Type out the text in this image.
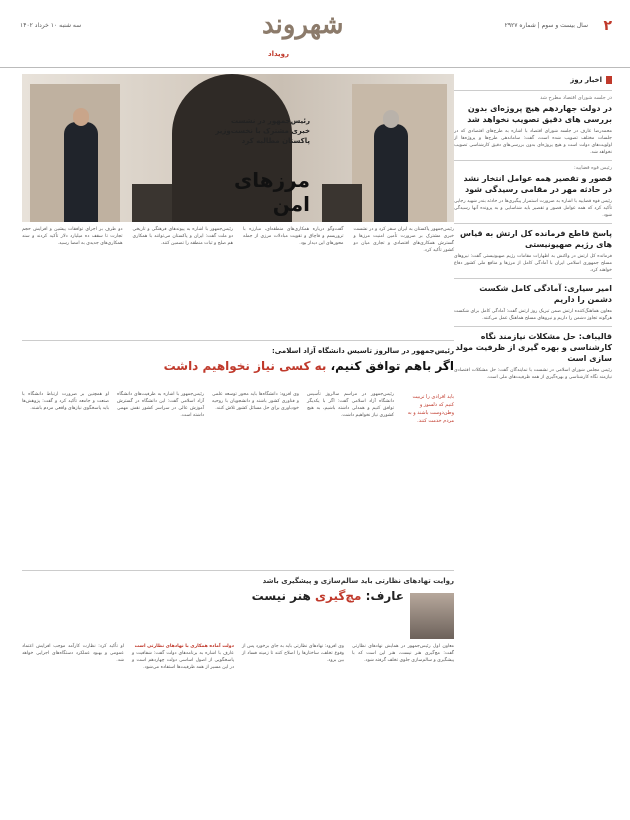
۲
سال بیست و سوم | شماره ۲۹۲۷
سه شنبه ۱۰ خرداد ۱۴۰۲	شهروند
رویداد
اخبار روز
در جلسه شورای اقتصاد مطرح شد
در دولت جهاردهم هیچ پروژه‌ای بدون بررسی های دقیق تصویب نخواهد شد
محمدرضا عارف در جلسه شورای اقتصاد با اشاره به طرح‌های اقتصادی که در جلسات مختلف تصویب شده است، گفت: ساماندهی طرح‌ها و پروژه‌ها از اولویت‌های دولت است و هیچ پروژه‌ای بدون بررسی‌های دقیق کارشناسی تصویب نخواهد شد.
رئیس قوه قضاییه:
قصور و تقصیر همه عوامل انتخار نشد در حادثه مهر در مقامی رسیدگی شود
رئیس قوه قضاییه با اشاره به ضرورت استمرار پیگیری‌ها در حادثه بندر شهید رجایی تأکید کرد که همه عوامل قصور و تقصیر باید شناسایی و به پرونده آنها رسیدگی شود.
پاسخ قاطع فرمانده کل ارتش به قیاس های رژیم صهیونیستی
فرمانده کل ارتش در واکنش به اظهارات مقامات رژیم صهیونیستی گفت: نیروهای مسلح جمهوری اسلامی ایران با آمادگی کامل از مرزها و منافع ملی کشور دفاع خواهند کرد.
امیر سیاری: آمادگی کامل شکست دشمن را داریم
معاون هماهنگ‌کننده ارتش ضمن تبریک روز ارتش گفت: آمادگی کامل برای شکست هرگونه تجاوز دشمن را داریم و نیروهای مسلح هماهنگ عمل می‌کنند.
قالیباف: حل مشکلات نیازمند نگاه کارشناسی و بهره گیری از ظرفیت مولد سازی است
رئیس مجلس شورای اسلامی در نشست با نمایندگان گفت: حل مشکلات اقتصادی نیازمند نگاه کارشناسی و بهره‌گیری از همه ظرفیت‌های ملی است.
رئیس‌جمهور در نشست خبری مشترک با نخست‌وزیر پاکستان مطالبه کرد
مرزهای امن
رئیس‌جمهور پاکستان به ایران سفر کرد و در نشست خبری مشترک بر ضرورت تأمین امنیت مرزها و گسترش همکاری‌های اقتصادی و تجاری میان دو کشور تأکید کرد.
گفت‌وگو درباره همکاری‌های منطقه‌ای، مبارزه با تروریسم و قاچاق و تقویت مبادلات مرزی از جمله محورهای این دیدار بود.
رئیس‌جمهور با اشاره به پیوندهای فرهنگی و تاریخی دو ملت گفت: ایران و پاکستان می‌توانند با همکاری هم صلح و ثبات منطقه را تضمین کنند.
دو طرف بر اجرای توافقات پیشین و افزایش حجم تجارت تا سقف ده میلیارد دلار تأکید کردند و سند همکاری‌های جدیدی به امضا رسید.
رئیس‌جمهور در سالروز تاسیس دانشگاه آزاد اسلامی:
اگر باهم توافق کنیم، به کسی نیاز نخواهیم داشت
باید افرادی را تربیت کنیم که دلسوز و وطن‌دوست باشند و به مردم خدمت کنند.
رئیس‌جمهور در مراسم سالروز تأسیس دانشگاه آزاد اسلامی گفت: اگر با یکدیگر توافق کنیم و همدلی داشته باشیم، به هیچ کشوری نیاز نخواهیم داشت.
وی افزود: دانشگاه‌ها باید محور توسعه علمی و فناوری کشور باشند و دانشجویان با روحیه خودباوری برای حل مسائل کشور تلاش کنند.
رئیس‌جمهور با اشاره به ظرفیت‌های دانشگاه آزاد اسلامی گفت: این دانشگاه در گسترش آموزش عالی در سراسر کشور نقش مهمی داشته است.
او همچنین بر ضرورت ارتباط دانشگاه با صنعت و جامعه تأکید کرد و گفت: پژوهش‌ها باید پاسخگوی نیازهای واقعی مردم باشند.
روایت تهادهای نظارتی باید سالم‌سازی و پیشگیری باشد
عارف: مچ‌گیری هنر نیست
معاون اول رئیس‌جمهور در همایش نهادهای نظارتی گفت: مچ‌گیری هنر نیست، هنر این است که با پیشگیری و سالم‌سازی جلوی تخلف گرفته شود.
وی افزود: نهادهای نظارتی باید به جای برخورد پس از وقوع تخلف، ساختارها را اصلاح کنند تا زمینه فساد از بین برود.
دولت آماده همکاری با نهادهای نظارتی است
عارف با اشاره به برنامه‌های دولت گفت: شفافیت و پاسخگویی از اصول اساسی دولت چهاردهم است و در این مسیر از همه ظرفیت‌ها استفاده می‌شود.
او تأکید کرد: نظارت کارآمد موجب افزایش اعتماد عمومی و بهبود عملکرد دستگاه‌های اجرایی خواهد شد.
